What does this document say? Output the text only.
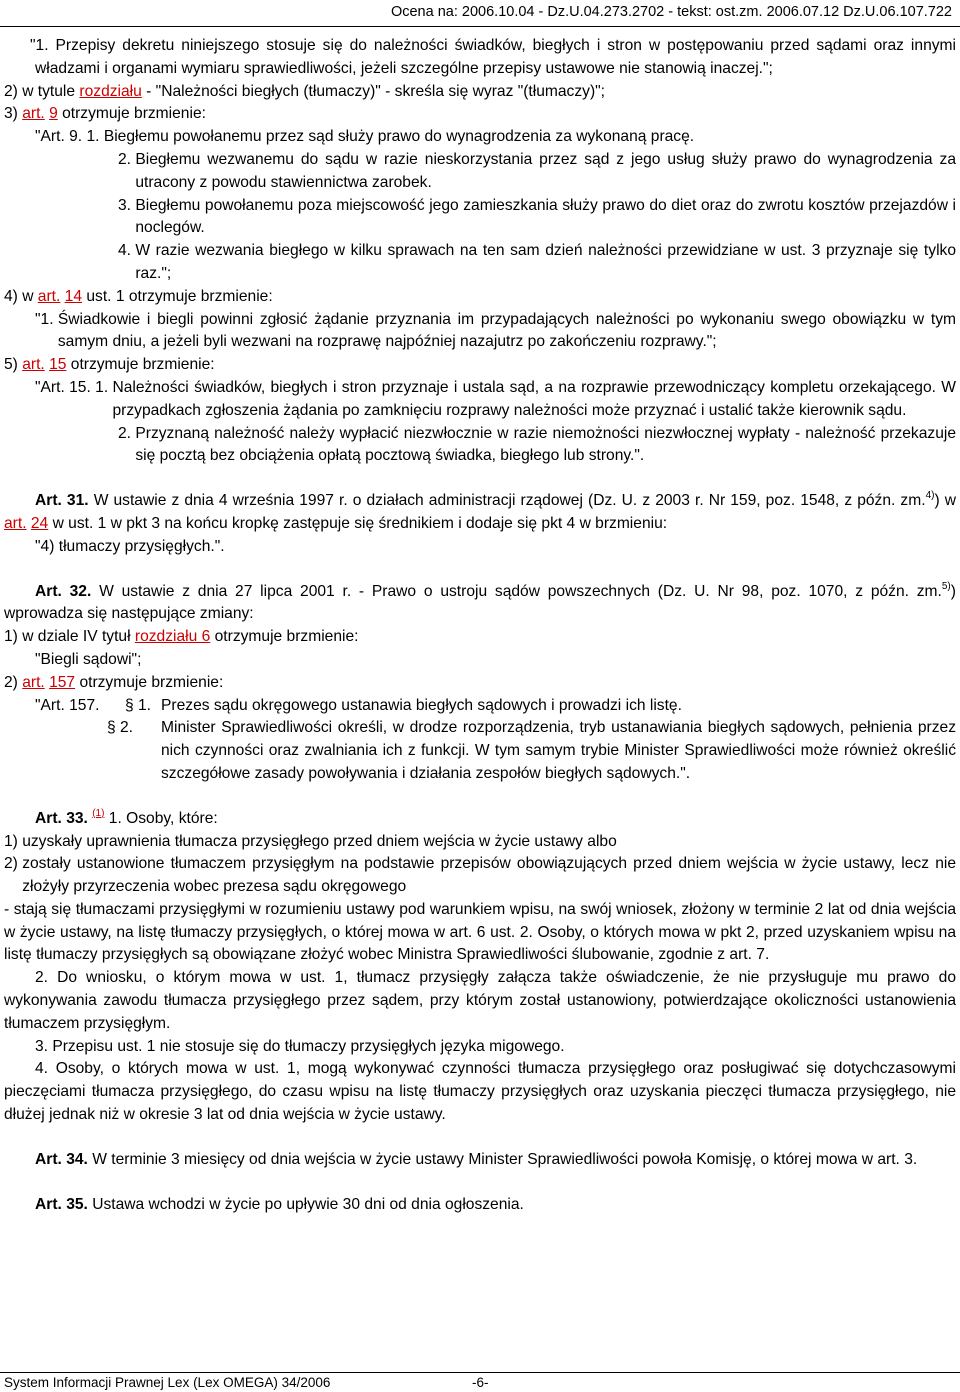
Ocena na: 2006.10.04 - Dz.U.04.273.2702 - tekst: ost.zm. 2006.07.12 Dz.U.06.107.722

"1. Przepisy dekretu niniejszego stosuje się do należności świadków, biegłych i stron w postępowaniu przed sądami oraz innymi władzami i organami wymiaru sprawiedliwości, jeżeli szczególne przepisy ustawowe nie stanowią inaczej.";

2) w tytule rozdziału - "Należności biegłych (tłumaczy)" - skreśla się wyraz "(tłumaczy)";
3) art. 9 otrzymuje brzmienie:
"Art. 9. 1. Biegłemu powołanemu przez sąd służy prawo do wynagrodzenia za wykonaną pracę.
2. Biegłemu wezwanemu do sądu w razie nieskorzystania przez sąd z jego usług służy prawo do wynagrodzenia za utracony z powodu stawiennictwa zarobek.
3. Biegłemu powołanemu poza miejscowość jego zamieszkania służy prawo do diet oraz do zwrotu kosztów przejazdów i noclegów.
4. W razie wezwania biegłego w kilku sprawach na ten sam dzień należności przewidziane w ust. 3 przyznaje się tylko raz.";
4) w art. 14 ust. 1 otrzymuje brzmienie:
"1. Świadkowie i biegli powinni zgłosić żądanie przyznania im przypadających należności po wykonaniu swego obowiązku w tym samym dniu, a jeżeli byli wezwani na rozprawę najpóźniej nazajutrz po zakończeniu rozprawy.";
5) art. 15 otrzymuje brzmienie:
"Art. 15. 1. Należności świadków, biegłych i stron przyznaje i ustala sąd, a na rozprawie przewodniczący kompletu orzekającego. W przypadkach zgłoszenia żądania po zamknięciu rozprawy należności może przyznać i ustalić także kierownik sądu.
2. Przyznaną należność należy wypłacić niezwłocznie w razie niemożności niezwłocznej wypłaty - należność przekazuje się pocztą bez obciążenia opłatą pocztową świadka, biegłego lub strony.".

Art. 31. W ustawie z dnia 4 września 1997 r. o działach administracji rządowej (Dz. U. z 2003 r. Nr 159, poz. 1548, z późn. zm.$^{4)}$) w art. 24 w ust. 1 w pkt 3 na końcu kropkę zastępuje się średnikiem i dodaje się pkt 4 w brzmieniu:

"4) tłumaczy przysięgłych.".

Art. 32. W ustawie z dnia 27 lipca 2001 r. - Prawo o ustroju sądów powszechnych (Dz. U. Nr 98, poz. 1070, z późn. zm.$^{5)}$) wprowadza się następujące zmiany:

1) w dziale IV tytuł rozdziału 6 otrzymuje brzmienie:
"Biegli sądowi";
2) art. 157 otrzymuje brzmienie:
"Art. 157.	§ 1. Prezes sądu okręgowego ustanawia biegłych sądowych i prowadzi ich listę.
§ 2.	Minister Sprawiedliwości określi, w drodze rozporządzenia, tryb ustanawiania biegłych sądowych, pełnienia przez nich czynności oraz zwalniania ich z funkcji. W tym samym trybie Minister Sprawiedliwości może również określić szczegółowe zasady powoływania i działania zespołów biegłych sądowych.".

Art. 33. $^{(1)}$ 1. Osoby, które:

1) uzyskały uprawnienia tłumacza przysięgłego przed dniem wejścia w życie ustawy albo
2) zostały ustanowione tłumaczem przysięgłym na podstawie przepisów obowiązujących przed dniem wejścia w życie ustawy, lecz nie złożyły przyrzeczenia wobec prezesa sądu okręgowego

- stają się tłumaczami przysięgłymi w rozumieniu ustawy pod warunkiem wpisu, na swój wniosek, złożony w terminie 2 lat od dnia wejścia w życie ustawy, na listę tłumaczy przysięgłych, o której mowa w art. 6 ust. 2. Osoby, o których mowa w pkt 2, przed uzyskaniem wpisu na listę tłumaczy przysięgłych są obowiązane złożyć wobec Ministra Sprawiedliwości ślubowanie, zgodnie z art. 7.

2. Do wniosku, o którym mowa w ust. 1, tłumacz przysięgły załącza także oświadczenie, że nie przysługuje mu prawo do wykonywania zawodu tłumacza przysięgłego przez sądem, przy którym został ustanowiony, potwierdzające okoliczności ustanowienia tłumaczem przysięgłym.

3. Przepisu ust. 1 nie stosuje się do tłumaczy przysięgłych języka migowego.

4. Osoby, o których mowa w ust. 1, mogą wykonywać czynności tłumacza przysięgłego oraz posługiwać się dotychczasowymi pieczęciami tłumacza przysięgłego, do czasu wpisu na listę tłumaczy przysięgłych oraz uzyskania pieczęci tłumacza przysięgłego, nie dłużej jednak niż w okresie 3 lat od dnia wejścia w życie ustawy.

Art. 34. W terminie 3 miesięcy od dnia wejścia w życie ustawy Minister Sprawiedliwości powoła Komisję, o której mowa w art. 3.

Art. 35. Ustawa wchodzi w życie po upływie 30 dni od dnia ogłoszenia.

System Informacji Prawnej Lex (Lex OMEGA) 34/2006	-6-
